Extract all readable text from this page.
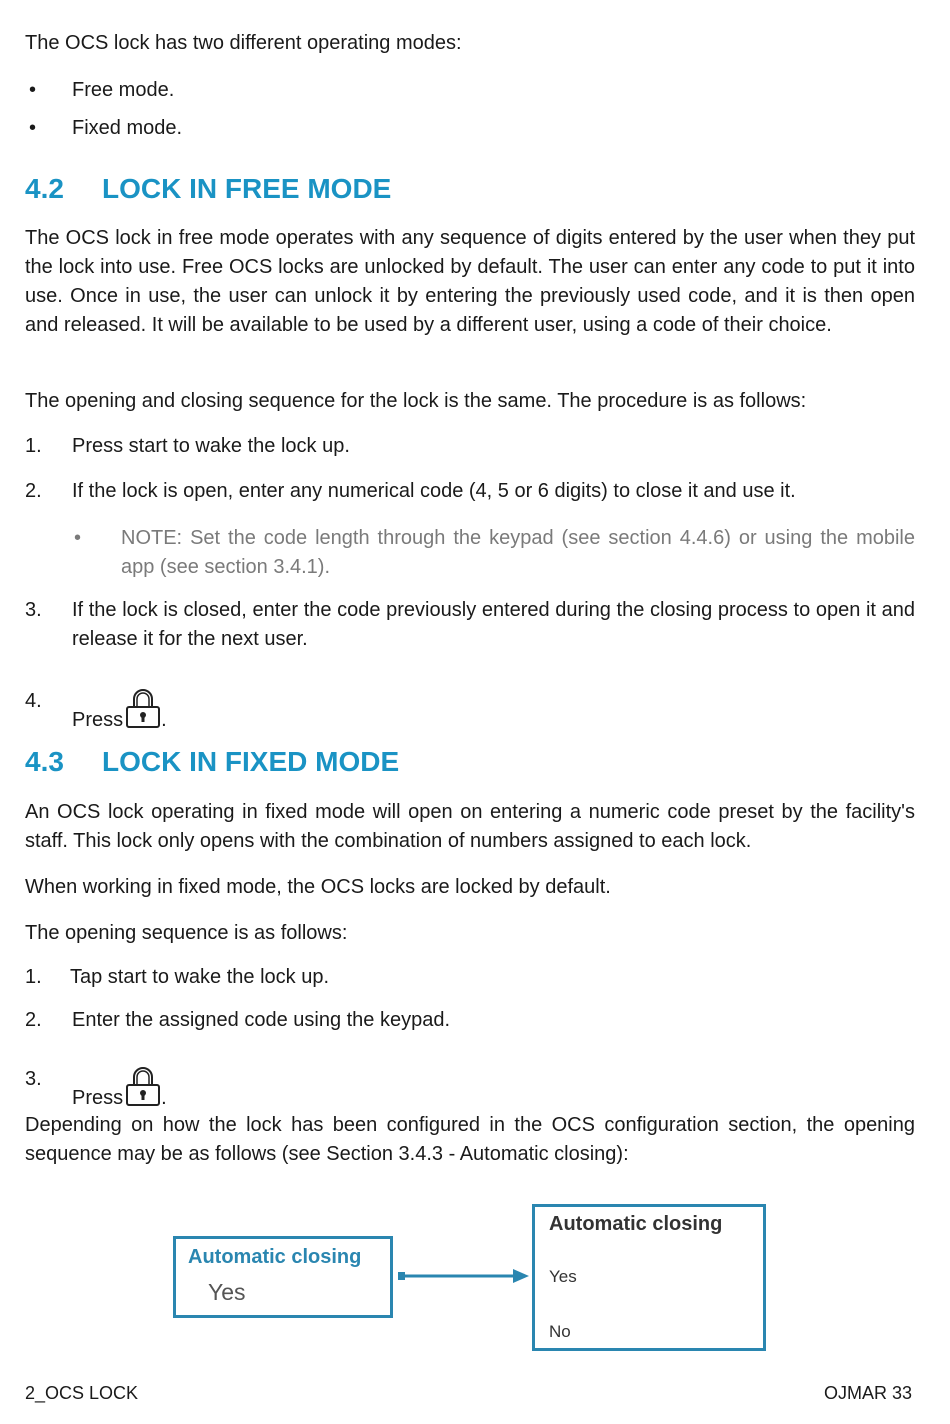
The OCS lock has two different operating modes:

• Free mode.
• Fixed mode.
4.2 LOCK IN FREE MODE

The OCS lock in free mode operates with any sequence of digits entered by the user when they put the lock into use. Free OCS locks are unlocked by default. The user can enter any code to put it into use. Once in use, the user can unlock it by entering the previously used code, and it is then open and released. It will be available to be used by a different user, using a code of their choice.

The opening and closing sequence for the lock is the same. The procedure is as follows:

1. Press start to wake the lock up.
2. If the lock is open, enter any numerical code (4, 5 or 6 digits) to close it and use it.
• NOTE: Set the code length through the keypad (see section 4.4.6) or using the mobile app (see section 3.4.1).
3. If the lock is closed, enter the code previously entered during the closing process to open it and release it for the next user.
4.
Press .
4.3 LOCK IN FIXED MODE

An OCS lock operating in fixed mode will open on entering a numeric code preset by the facility's staff. This lock only opens with the combination of numbers assigned to each lock.

When working in fixed mode, the OCS locks are locked by default.

The opening sequence is as follows:

1. Tap start to wake the lock up.
2. Enter the assigned code using the keypad.
3.
Press .

Depending on how the lock has been configured in the OCS configuration section, the opening sequence may be as follows (see Section 3.4.3 - Automatic closing):

Automatic closing
Yes
Automatic closing
Yes
No
2_OCS LOCK	OJMAR 33
